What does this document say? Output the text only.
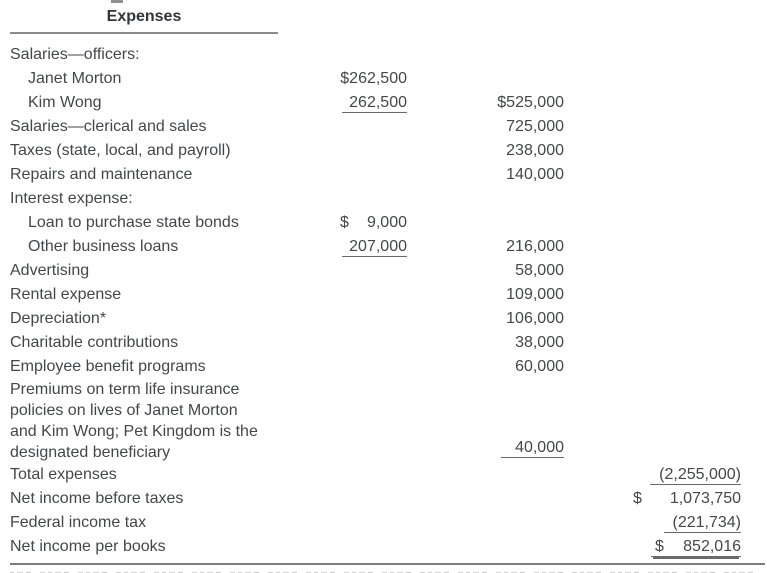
Expenses
Salaries—officers:
Janet Morton	$262,500
Kim Wong	262,500	$525,000
Salaries—clerical and sales	725,000
Taxes (state, local, and payroll)	238,000
Repairs and maintenance	140,000
Interest expense:
Loan to purchase state bonds	$ 9,000
Other business loans	207,000	216,000
Advertising	58,000
Rental expense	109,000
Depreciation*	106,000
Charitable contributions	38,000
Employee benefit programs	60,000
Premiums on term life insurance
policies on lives of Janet Morton
and Kim Wong; Pet Kingdom is the
designated beneficiary	40,000
Total expenses	(2,255,000)
Net income before taxes	$ 1,073,750
Federal income tax	(221,734)
Net income per books	$ 852,016
